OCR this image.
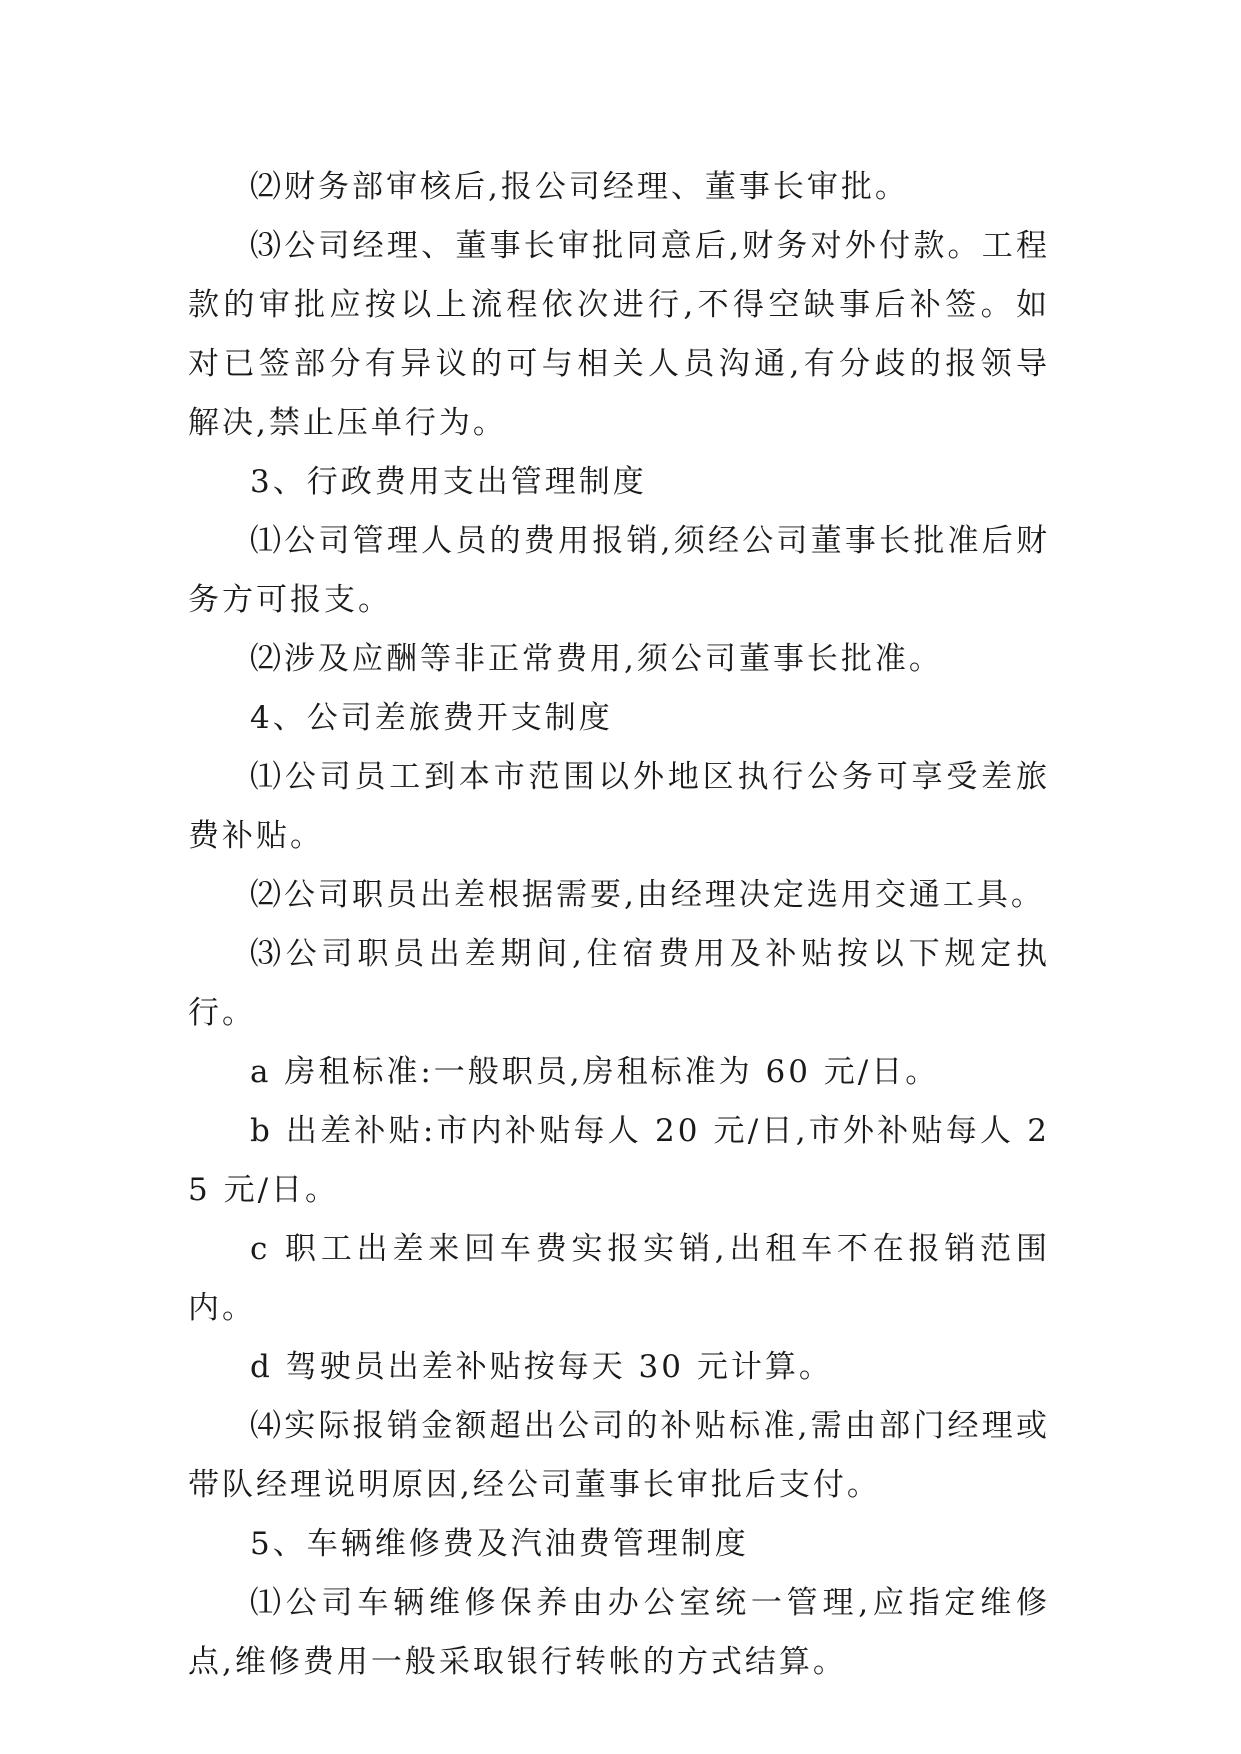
⑵财务部审核后,报公司经理、董事长审批。

⑶公司经理、董事长审批同意后,财务对外付款。工程款的审批应按以上流程依次进行,不得空缺事后补签。如对已签部分有异议的可与相关人员沟通,有分歧的报领导解决,禁止压单行为。

3、行政费用支出管理制度

⑴公司管理人员的费用报销,须经公司董事长批准后财务方可报支。

⑵涉及应酬等非正常费用,须公司董事长批准。

4、公司差旅费开支制度

⑴公司员工到本市范围以外地区执行公务可享受差旅费补贴。

⑵公司职员出差根据需要,由经理决定选用交通工具。

⑶公司职员出差期间,住宿费用及补贴按以下规定执行。

a 房租标准:一般职员,房租标准为 60 元/日。

b 出差补贴:市内补贴每人 20 元/日,市外补贴每人 25 元/日。

c 职工出差来回车费实报实销,出租车不在报销范围内。

d 驾驶员出差补贴按每天 30 元计算。

⑷实际报销金额超出公司的补贴标准,需由部门经理或带队经理说明原因,经公司董事长审批后支付。

5、车辆维修费及汽油费管理制度

⑴公司车辆维修保养由办公室统一管理,应指定维修点,维修费用一般采取银行转帐的方式结算。
